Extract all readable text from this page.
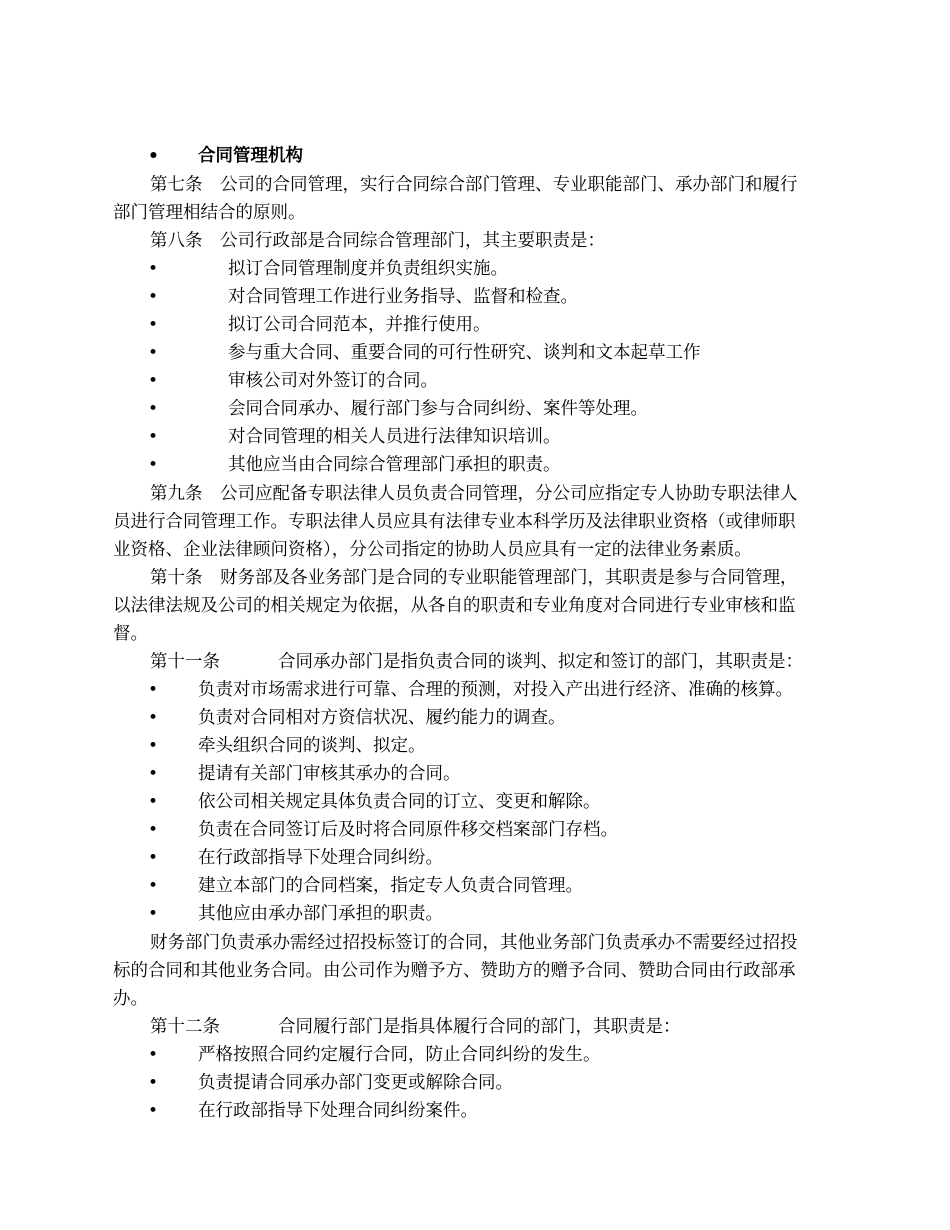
• 合同管理机构
第七条　公司的合同管理，实行合同综合部门管理、专业职能部门、承办部门和履行
部门管理相结合的原则。
第八条　公司行政部是合同综合管理部门，其主要职责是：
•	拟订合同管理制度并负责组织实施。
•	对合同管理工作进行业务指导、监督和检查。
•	拟订公司合同范本，并推行使用。
•	参与重大合同、重要合同的可行性研究、谈判和文本起草工作
•	审核公司对外签订的合同。
•	会同合同承办、履行部门参与合同纠纷、案件等处理。
•	对合同管理的相关人员进行法律知识培训。
•	其他应当由合同综合管理部门承担的职责。
第九条　公司应配备专职法律人员负责合同管理，分公司应指定专人协助专职法律人
员进行合同管理工作。专职法律人员应具有法律专业本科学历及法律职业资格（或律师职
业资格、企业法律顾问资格），分公司指定的协助人员应具有一定的法律业务素质。
第十条　财务部及各业务部门是合同的专业职能管理部门，其职责是参与合同管理，
以法律法规及公司的相关规定为依据，从各自的职责和专业角度对合同进行专业审核和监
督。
第十一条	合同承办部门是指负责合同的谈判、拟定和签订的部门，其职责是：
• 负责对市场需求进行可靠、合理的预测，对投入产出进行经济、准确的核算。
• 负责对合同相对方资信状况、履约能力的调查。
• 牵头组织合同的谈判、拟定。
• 提请有关部门审核其承办的合同。
• 依公司相关规定具体负责合同的订立、变更和解除。
• 负责在合同签订后及时将合同原件移交档案部门存档。
• 在行政部指导下处理合同纠纷。
• 建立本部门的合同档案，指定专人负责合同管理。
• 其他应由承办部门承担的职责。
财务部门负责承办需经过招投标签订的合同，其他业务部门负责承办不需要经过招投
标的合同和其他业务合同。由公司作为赠予方、赞助方的赠予合同、赞助合同由行政部承
办。
第十二条	合同履行部门是指具体履行合同的部门，其职责是：
• 严格按照合同约定履行合同，防止合同纠纷的发生。
• 负责提请合同承办部门变更或解除合同。
• 在行政部指导下处理合同纠纷案件。
